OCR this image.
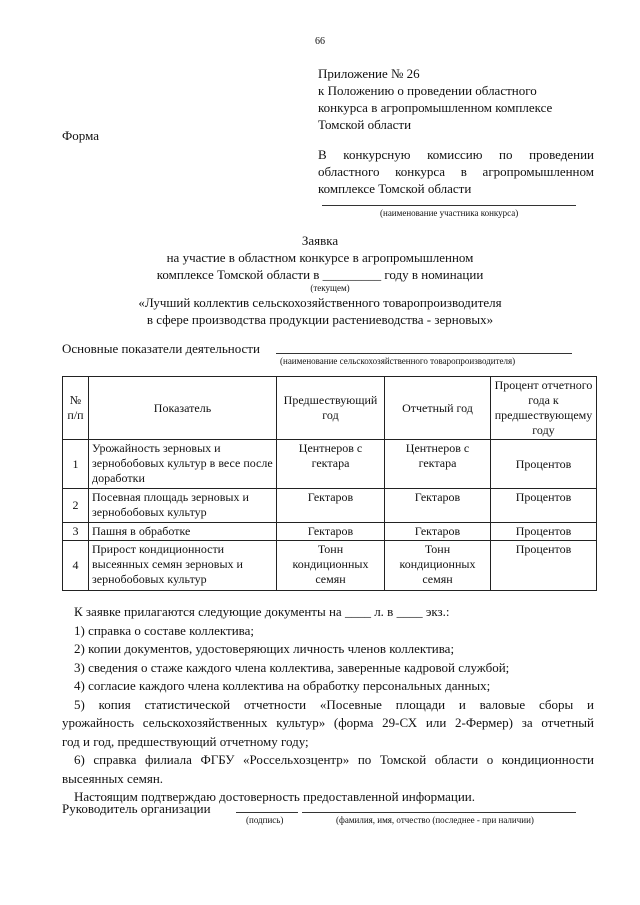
66
Приложение № 26
к Положению о проведении областного
конкурса в агропромышленном комплексе
Томской области
Форма
В конкурсную комиссию по проведении
областного конкурса в агропромышленном
комплексе Томской области
(наименование участника конкурса)
Заявка
на участие в областном конкурсе в агропромышленном
комплексе Томской области в _________ году в номинации
(текущем)
«Лучший коллектив сельскохозяйственного товаропроизводителя
в сфере производства продукции растениеводства - зерновых»
Основные показатели деятельности
(наименование сельскохозяйственного товаропроизводителя)
№ п/п	Показатель	Предшествующий год	Отчетный год	Процент отчетного года к предшествующему году
1	Урожайность зерновых и зернобобовых культур в весе после доработки	Центнеров с гектара	Центнеров с гектара	Процентов
2	Посевная площадь зерновых и зернобобовых культур	Гектаров	Гектаров	Процентов
3	Пашня в обработке	Гектаров	Гектаров	Процентов
4	Прирост кондиционности высеянных семян зерновых и зернобобовых культур	Тонн кондиционных семян	Тонн кондиционных семян	Процентов
К заявке прилагаются следующие документы на ____ л. в ____ экз.:
1) справка о составе коллектива;
2) копии документов, удостоверяющих личность членов коллектива;
3) сведения о стаже каждого члена коллектива, заверенные кадровой службой;
4) согласие каждого члена коллектива на обработку персональных данных;
5) копия статистической отчетности «Посевные площади и валовые сборы и
урожайность сельскохозяйственных культур» (форма 29-СХ или 2-Фермер) за отчетный
год и год, предшествующий отчетному году;
6) справка филиала ФГБУ «Россельхозцентр» по Томской области о кондиционности
высеянных семян.
Настоящим подтверждаю достоверность предоставленной информации.
Руководитель организации
(подпись)	(фамилия, имя, отчество (последнее - при наличии)
